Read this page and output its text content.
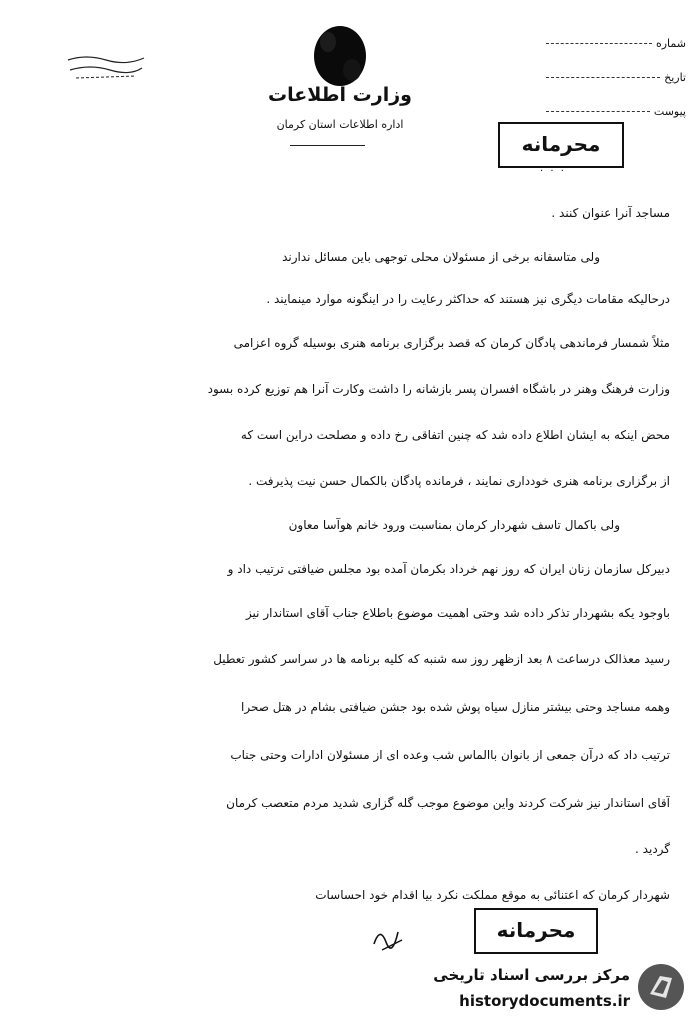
شماره
تاریخ
پیوست
وزارت اطلاعات
اداره اطلاعات استان کرمان
محرمانه
· · ·
مساجد آنرا عنوان کنند .
ولی متاسفانه برخی از مسئولان محلی توجهی باین مسائل ندارند
درحالیکه مقامات دیگری نیز هستند که حداکثر رعایت را در اینگونه موارد مینمایند .
مثلاً شمسار فرماندهی پادگان کرمان که قصد برگزاری برنامه هنری بوسیله گروه اعزامی
وزارت فرهنگ وهنر در باشگاه افسران پسر بازشانه را داشت وکارت آنرا هم توزیع کرده بسود
محض اینکه به ایشان اطلاع داده شد که چنین اتفاقی رخ داده و مصلحت دراین است که
از برگزاری برنامه هنری خودداری نمایند ، فرمانده پادگان بالکمال حسن نیت پذیرفت .
ولی باکمال تاسف شهردار کرمان بمناسبت ورود خانم هوآسا معاون
دبیرکل سازمان زنان ایران که روز نهم خرداد بکرمان آمده بود مجلس ضیافتی ترتیب داد و
باوجود یکه بشهردار تذکر داده شد وحتی اهمیت موضوع باطلاع جناب آقای استاندار نیز
رسید معذالک درساعت ۸ بعد ازظهر روز سه شنبه که کلیه برنامه ها در سراسر کشور تعطیل
وهمه مساجد وحتی بیشتر منازل سیاه پوش شده بود جشن ضیافتی بشام در هتل صحرا
ترتیب داد که درآن جمعی از بانوان باالماس شب وعده ای از مسئولان ادارات وحتی جناب
آقای استاندار نیز شرکت کردند واین موضوع موجب گله گزاری شدید مردم متعصب کرمان
گردید .
شهردار کرمان که اعتنائی به موقع مملکت نکرد بیا اقدام خود احساسات
محرمانه
مرکز بررسی اسناد تاریخی
historydocuments.ir
